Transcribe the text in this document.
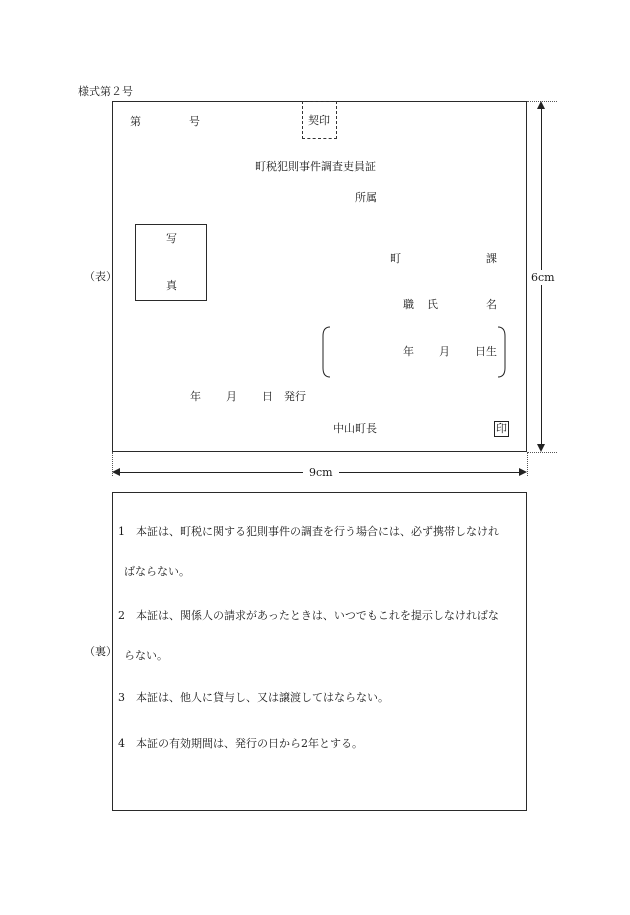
様式第２号
（表）
第	号	契印
町税犯則事件調査吏員証
所属
写
真
町	課
職 氏	名
年 月 日生
年 月 日 発行
中山町長	印
6cm
9cm
（裏）
1 本証は、町税に関する犯則事件の調査を行う場合には、必ず携帯しなけれ
ばならない。
2 本証は、関係人の請求があったときは、いつでもこれを提示しなければな
らない。
3 本証は、他人に貸与し、又は譲渡してはならない。
4 本証の有効期間は、発行の日から2年とする。
